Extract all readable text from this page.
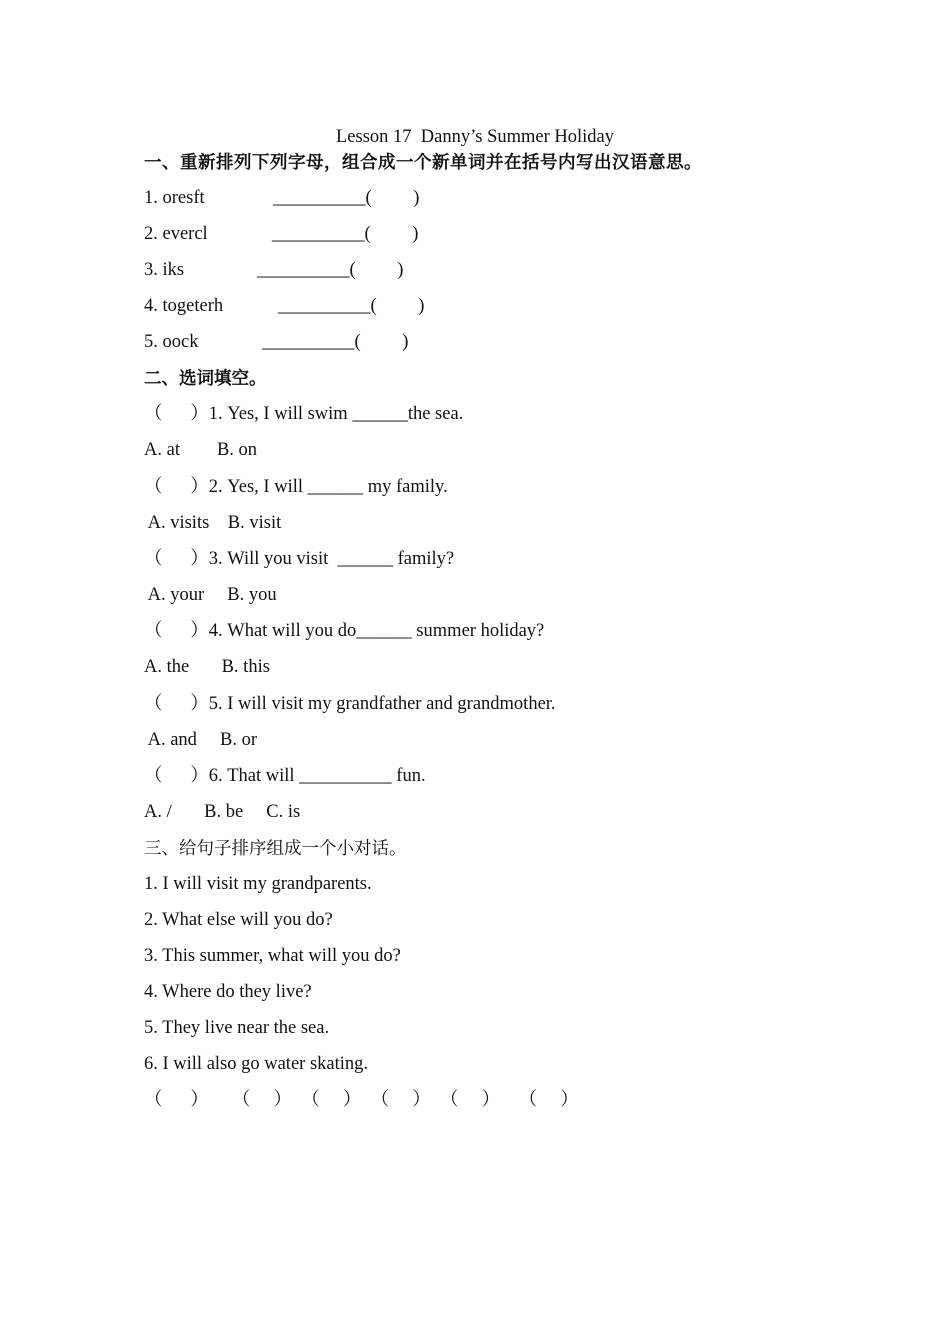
Lesson 17  Danny’s Summer Holiday
一、重新排列下列字母，组合成一个新单词并在括号内写出汉语意思。
1. oresft	__________(         )
2. evercl	__________(         )
3. iks	__________(         )
4. togeterh	__________(         )
5. oock	__________(         )
二、选词填空。
（      ）1. Yes, I will swim ______the sea.
A. at        B. on
（      ）2. Yes, I will ______ my family.
A. visits    B. visit
（      ）3. Will you visit  ______ family?
A. your     B. you
（      ）4. What will you do______ summer holiday?
A. the       B. this
（      ）5. I will visit my grandfather and grandmother.
A. and     B. or
（      ）6. That will __________ fun.
A. /       B. be     C. is
三、给句子排序组成一个小对话。
1. I will visit my grandparents.
2. What else will you do?
3. This summer, what will you do?
4. Where do they live?
5. They live near the sea.
6. I will also go water skating.
（      ）     （     ）  （     ）  （     ）  （     ）    （     ）
